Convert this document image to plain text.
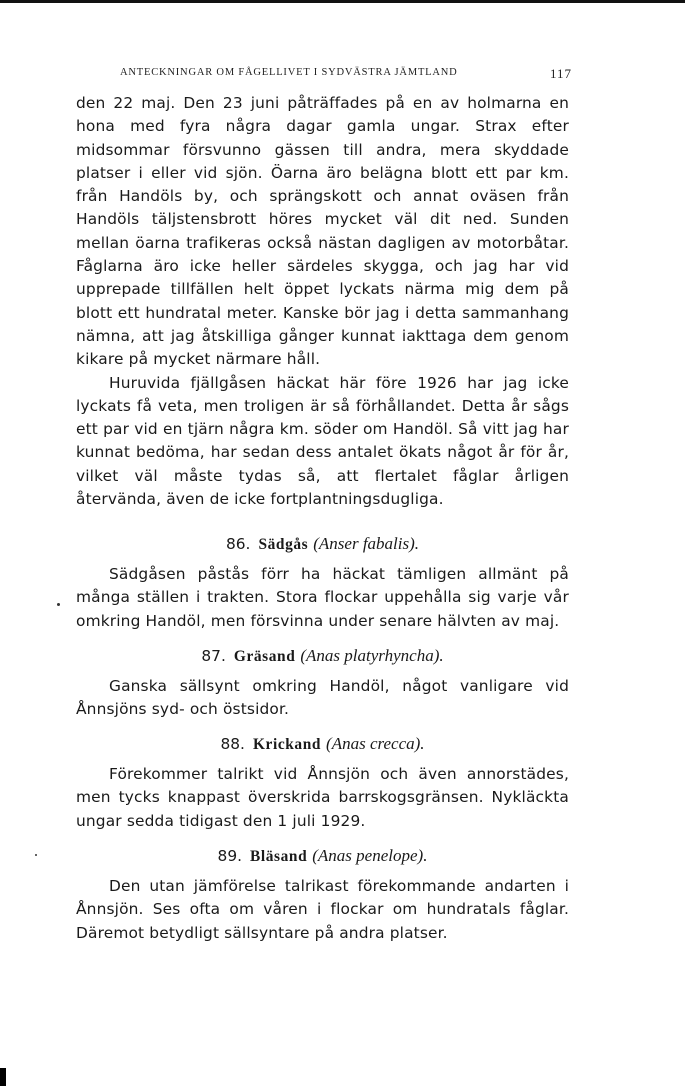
ANTECKNINGAR OM FÅGELLIVET I SYDVÄSTRA JÄMTLAND	117

den 22 maj. Den 23 juni påträffades på en av holmarna en hona med fyra några dagar gamla ungar. Strax efter midsommar försvunno gässen till andra, mera skyddade platser i eller vid sjön. Öarna äro belägna blott ett par km. från Handöls by, och sprängskott och annat oväsen från Handöls täljstensbrott höres mycket väl dit ned. Sunden mellan öarna trafikeras också nästan dagligen av motorbåtar. Fåglarna äro icke heller särdeles skygga, och jag har vid upprepade tillfällen helt öppet lyckats närma mig dem på blott ett hundratal meter. Kanske bör jag i detta sammanhang nämna, att jag åtskilliga gånger kunnat iakttaga dem genom kikare på mycket närmare håll.

Huruvida fjällgåsen häckat här före 1926 har jag icke lyckats få veta, men troligen är så förhållandet. Detta år sågs ett par vid en tjärn några km. söder om Handöl. Så vitt jag har kunnat bedöma, har sedan dess antalet ökats något år för år, vilket väl måste tydas så, att flertalet fåglar årligen återvända, även de icke fortplantningsdugliga.

86. Sädgås (Anser fabalis).

Sädgåsen påstås förr ha häckat tämligen allmänt på många ställen i trakten. Stora flockar uppehålla sig varje vår omkring Handöl, men försvinna under senare hälvten av maj.

87. Gräsand (Anas platyrhyncha).

Ganska sällsynt omkring Handöl, något vanligare vid Ånnsjöns syd- och östsidor.

88. Krickand (Anas crecca).

Förekommer talrikt vid Ånnsjön och även annorstädes, men tycks knappast överskrida barrskogsgränsen. Nykläckta ungar sedda tidigast den 1 juli 1929.

89. Bläsand (Anas penelope).

Den utan jämförelse talrikast förekommande andarten i Ånnsjön. Ses ofta om våren i flockar om hundratals fåglar. Däremot betydligt sällsyntare på andra platser.
